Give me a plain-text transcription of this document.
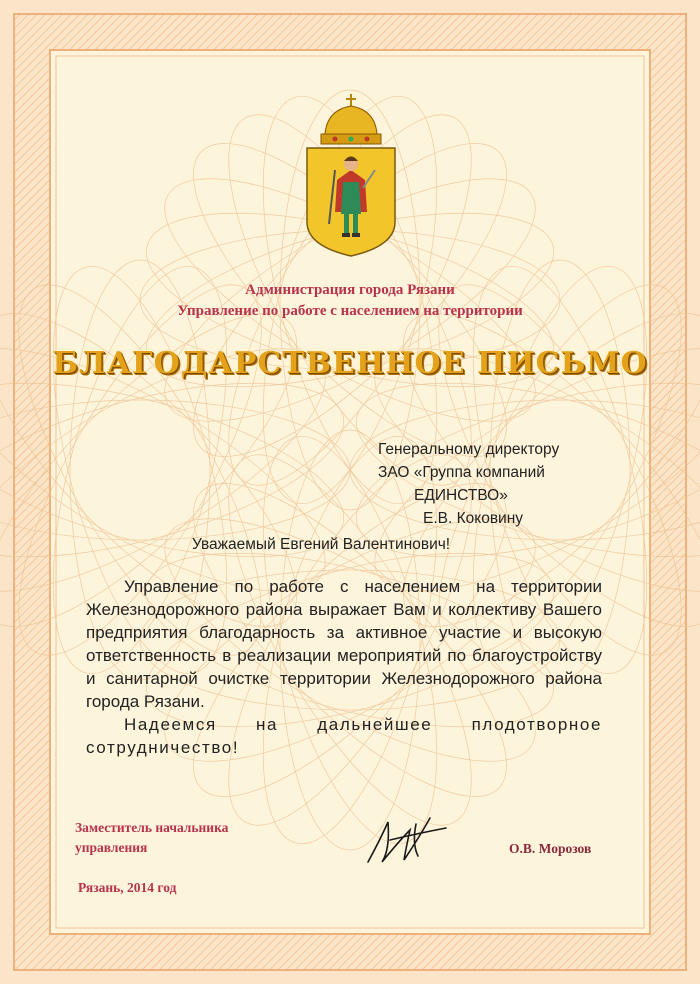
Администрация города Рязани
Управление по работе с населением на территории
БЛАГОДАРСТВЕННОЕ ПИСЬМО
Генеральному директору
ЗАО «Группа компаний
ЕДИНСТВО»
Е.В. Коковину
Уважаемый Евгений Валентинович!

Управление по работе с населением на территории Железнодорожного района выражает Вам и коллективу Вашего предприятия благодарность за активное участие и высокую ответственность в реализации мероприятий по благоустройству и санитарной очистке территории Железнодорожного района города Рязани.

Надеемся на дальнейшее плодотворное сотрудничество!

Заместитель начальника
управления	О.В. Морозов
Рязань, 2014 год
